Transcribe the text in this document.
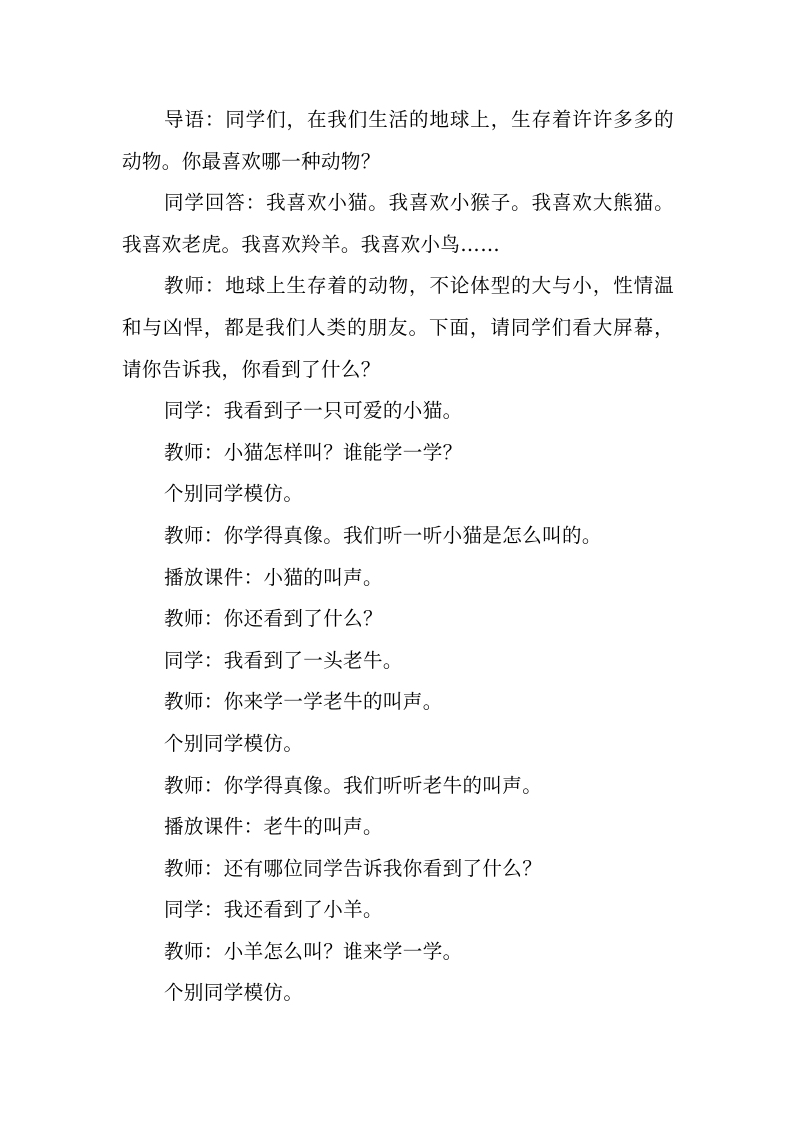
导语：同学们，在我们生活的地球上，生存着许许多多的动物。你最喜欢哪一种动物？

同学回答：我喜欢小猫。我喜欢小猴子。我喜欢大熊猫。我喜欢老虎。我喜欢羚羊。我喜欢小鸟……

教师：地球上生存着的动物，不论体型的大与小，性情温和与凶悍，都是我们人类的朋友。下面，请同学们看大屏幕，请你告诉我，你看到了什么？

同学：我看到子一只可爱的小猫。

教师：小猫怎样叫？谁能学一学？

个别同学模仿。

教师：你学得真像。我们听一听小猫是怎么叫的。

播放课件：小猫的叫声。

教师：你还看到了什么？

同学：我看到了一头老牛。

教师：你来学一学老牛的叫声。

个别同学模仿。

教师：你学得真像。我们听听老牛的叫声。

播放课件：老牛的叫声。

教师：还有哪位同学告诉我你看到了什么？

同学：我还看到了小羊。

教师：小羊怎么叫？谁来学一学。

个别同学模仿。
